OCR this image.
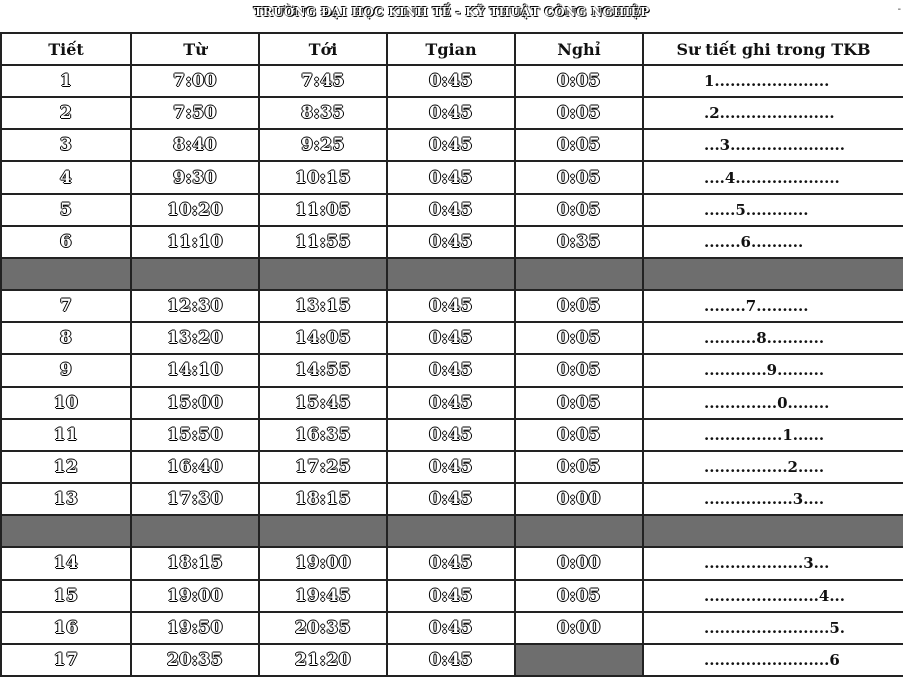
TRƯỜNG ĐẠI HỌC KINH TẾ - KỸ THUẬT CÔNG NGHIỆP	-
Tiết	Từ	Tới	Tgian	Nghỉ	Sư tiết ghi trong TKB
1	7:00	7:45	0:45	0:05	1......................
2	7:50	8:35	0:45	0:05	.2......................
3	8:40	9:25	0:45	0:05	...3......................
4	9:30	10:15	0:45	0:05	....4....................
5	10:20	11:05	0:45	0:05	......5............
6	11:10	11:55	0:45	0:35	.......6..........

7	12:30	13:15	0:45	0:05	........7..........
8	13:20	14:05	0:45	0:05	..........8...........
9	14:10	14:55	0:45	0:05	............9.........
10	15:00	15:45	0:45	0:05	..............0........
11	15:50	16:35	0:45	0:05	...............1......
12	16:40	17:25	0:45	0:05	................2.....
13	17:30	18:15	0:45	0:00	.................3....

14	18:15	19:00	0:45	0:00	...................3...
15	19:00	19:45	0:45	0:05	......................4...
16	19:50	20:35	0:45	0:00	........................5.
17	20:35	21:20	0:45		........................6
